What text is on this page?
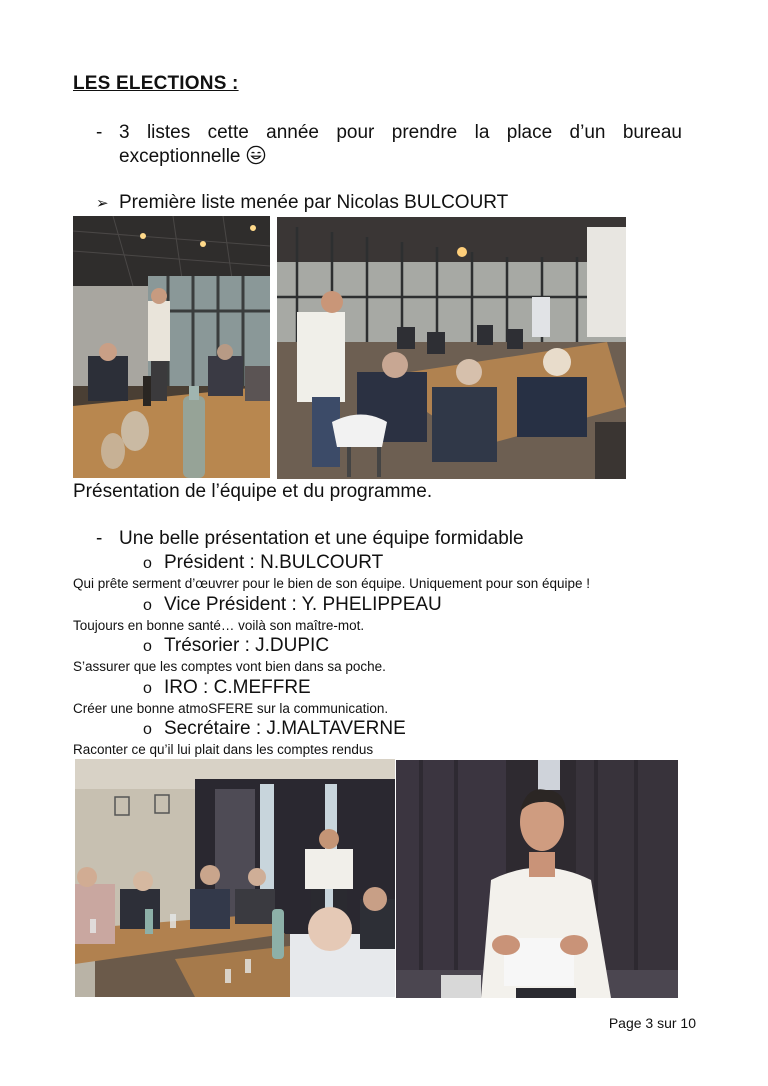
LES ELECTIONS :
- 3 listes cette année pour prendre la place d’un bureau
exceptionnelle
➢ Première liste menée par Nicolas BULCOURT
Présentation de l’équipe et du programme.
- Une belle présentation et une équipe formidable
o Président : N.BULCOURT
Qui prête serment d’œuvrer pour le bien de son équipe. Uniquement pour son équipe !
o Vice Président : Y. PHELIPPEAU
Toujours en bonne santé… voilà son maître-mot.
o Trésorier : J.DUPIC
S’assurer que les comptes vont bien dans sa poche.
o IRO : C.MEFFRE
Créer une bonne atmoSFERE sur la communication.
o Secrétaire : J.MALTAVERNE
Raconter ce qu’il lui plait dans les comptes rendus
Page 3 sur 10
